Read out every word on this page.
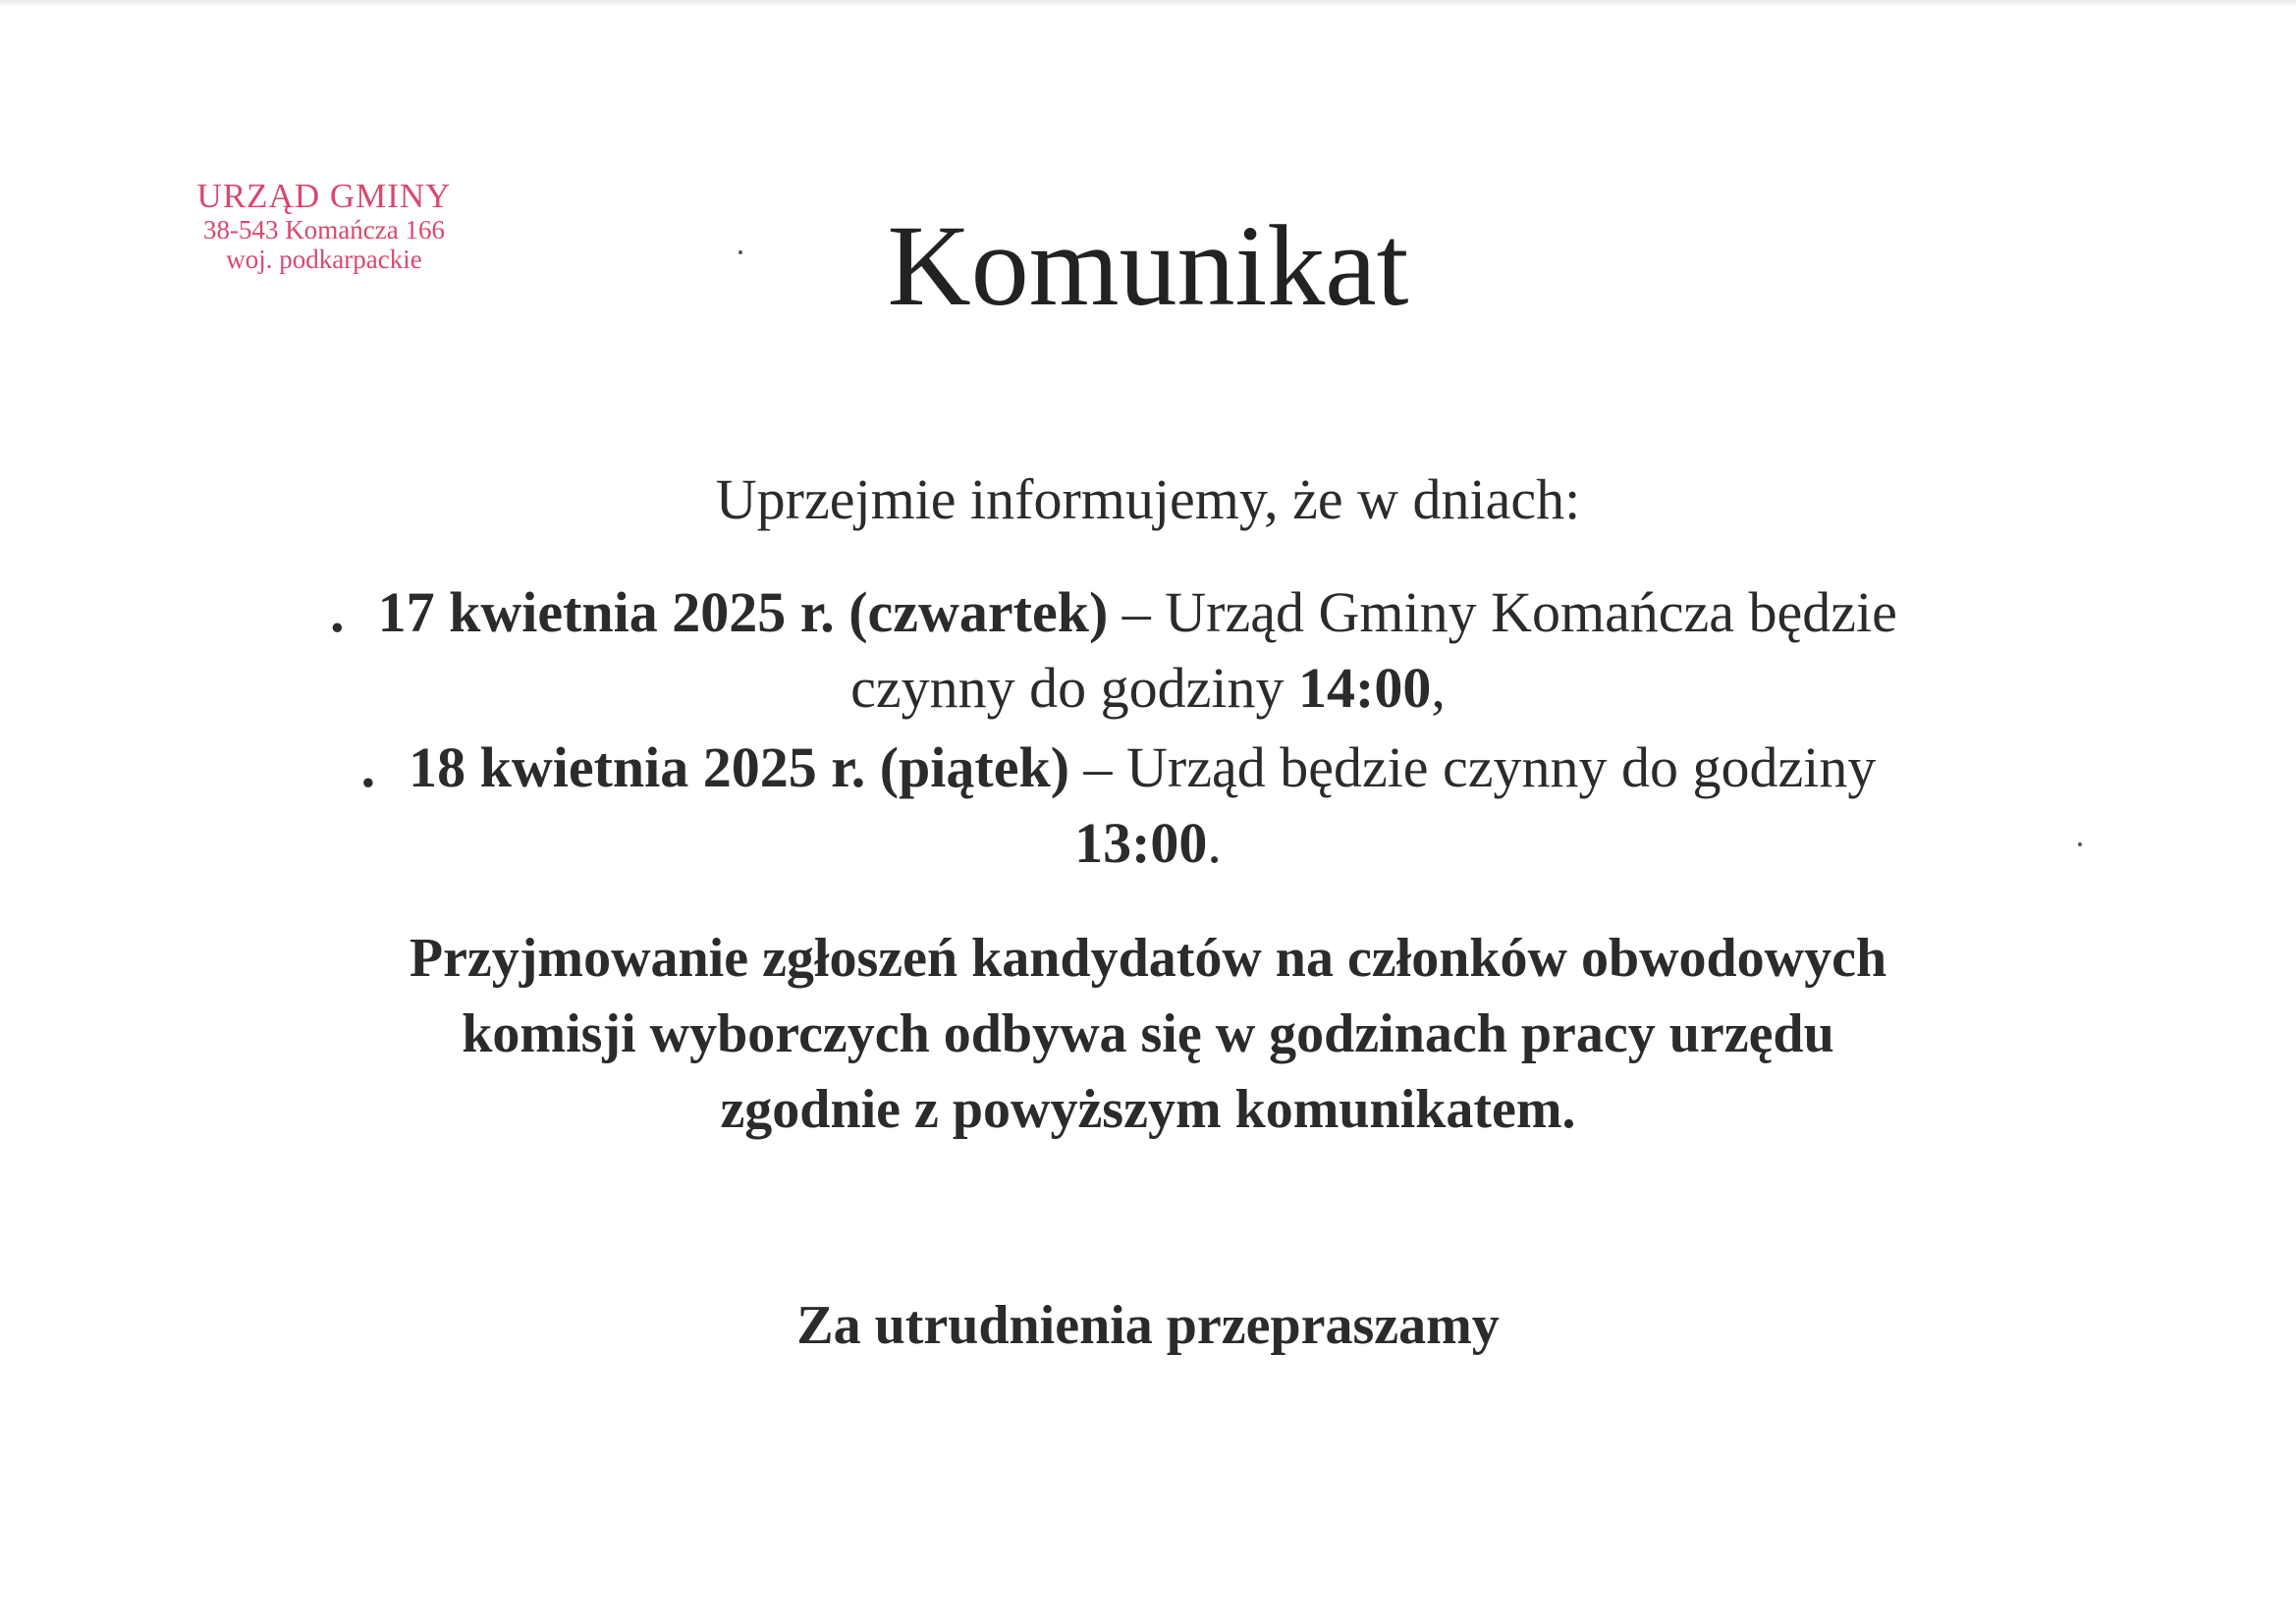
URZĄD GMINY
38-543 Komańcza 166
woj. podkarpackie	Komunikat
Uprzejmie informujemy, że w dniach:
. 17 kwietnia 2025 r. (czwartek) – Urząd Gminy Komańcza będzie
czynny do godziny 14:00,
. 18 kwietnia 2025 r. (piątek) – Urząd będzie czynny do godziny
13:00.
Przyjmowanie zgłoszeń kandydatów na członków obwodowych
komisji wyborczych odbywa się w godzinach pracy urzędu
zgodnie z powyższym komunikatem.
Za utrudnienia przepraszamy
